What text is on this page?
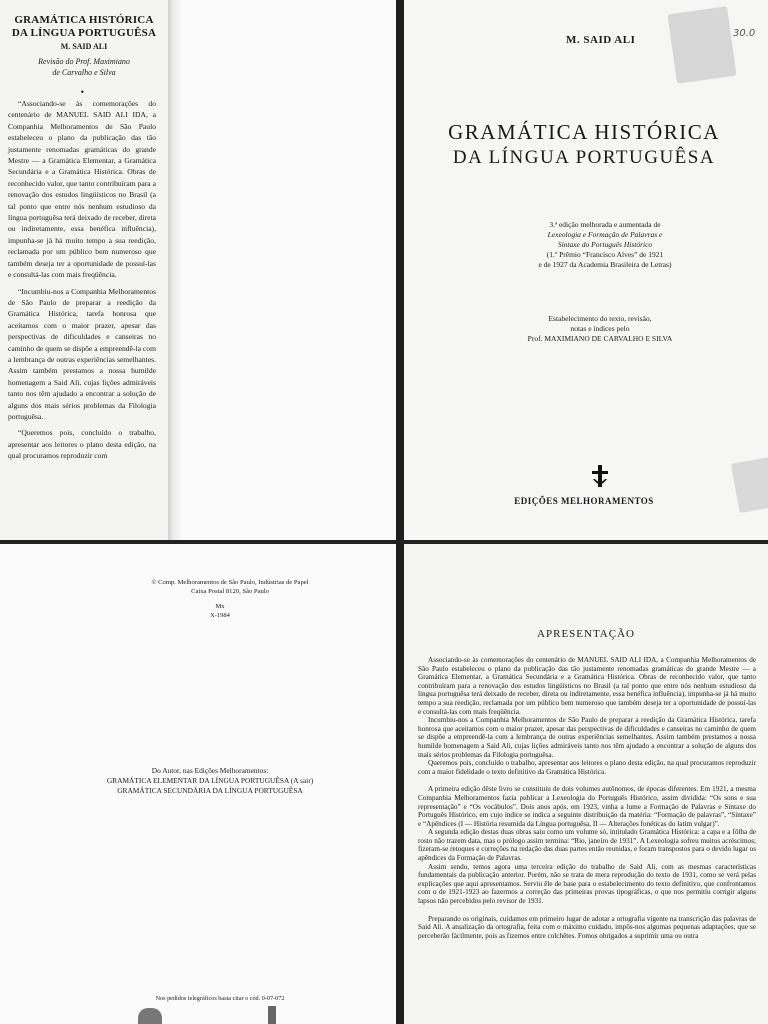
GRAMÁTICA HISTÓRICA
DA LÍNGUA PORTUGUÊSA
M. SAID ALI
Revisão do Prof. Maximiano
de Carvalho e Silva
•

“Associando-se às comemorações do centenário de MANUEL SAID ALI IDA, a Companhia Melhoramentos de São Paulo estabeleceu o plano da publicação das tão justamente renomadas gramáticas do grande Mestre — a Gramática Elementar, a Gramática Secundária e a Gramática Histórica. Obras de reconhecido valor, que tanto contribuíram para a renovação dos estudos lingüísticos no Brasil (a tal ponto que entre nós nenhum estudioso da língua portuguêsa terá deixado de receber, direta ou indiretamente, essa benéfica influência), impunha-se já há muito tempo a sua reedição, reclamada por um público bem numeroso que também deseja ter a oportunidade de possuí-las e consultá-las com mais freqüência.

“Incumbiu-nos a Companhia Melhoramentos de São Paulo de preparar a reedição da Gramática Histórica, tarefa honrosa que aceitamos com o maior prazer, apesar das perspectivas de dificuldades e canseiras no caminho de quem se dispõe a empreendê-la com a lembrança de outras experiências semelhantes. Assim também prestamos a nossa humilde homenagem a Said Ali, cujas lições admiráveis tanto nos têm ajudado a encontrar a solução de alguns dos mais sérios problemas da Filologia portuguêsa.

“Queremos pois, concluído o trabalho, apresentar aos leitores o plano desta edição, na qual procuramos reproduzir com

30.0
M. SAID ALI
GRAMÁTICA HISTÓRICA
DA LÍNGUA PORTUGUÊSA
3.ª edição melhorada e aumentada de
Lexeologia e Formação de Palavras e
Sintaxe do Português Histórico
(1.º Prêmio “Francisco Alves” de 1921
e de 1927 da Academia Brasileira de Letras)
Estabelecimento do texto, revisão,
notas e índices pelo
Prof. MAXIMIANO DE CARVALHO E SILVA
EDIÇÕES MELHORAMENTOS
© Comp. Melhoramentos de São Paulo, Indústrias de Papel
Caixa Postal 8120, São Paulo
Mx
X-1984
Do Autor, nas Edições Melhoramentos:
GRAMÁTICA ELEMENTAR DA LÍNGUA PORTUGUÊSA (A sair)
GRAMÁTICA SECUNDÁRIA DA LÍNGUA PORTUGUÊSA
Nos pedidos telegráficos basta citar o cód. 0-07-072
APRESENTAÇÃO

Associando-se às comemorações do centenário de MANUEL SAID ALI IDA, a Companhia Melhoramentos de São Paulo estabeleceu o plano da publicação das tão justamente renomadas gramáticas do grande Mestre — a Gramática Elementar, a Gramática Secundária e a Gramática Histórica. Obras de reconhecido valor, que tanto contribuíram para a renovação dos estudos lingüísticos no Brasil (a tal ponto que entre nós nenhum estudioso da língua portuguêsa terá deixado de receber, direta ou indiretamente, essa benéfica influência), impunha-se já há muito tempo a sua reedição, reclamada por um público bem numeroso que também deseja ter a oportunidade de possuí-las e consultá-las com mais freqüência.

Incumbiu-nos a Companhia Melhoramentos de São Paulo de preparar a reedição da Gramática Histórica, tarefa honrosa que aceitamos com o maior prazer, apesar das perspectivas de dificuldades e canseiras no caminho de quem se dispõe a empreendê-la com a lembrança de outras experiências semelhantes. Assim também prestamos a nossa humilde homenagem a Said Ali, cujas lições admiráveis tanto nos têm ajudado a encontrar a solução de alguns dos mais sérios problemas da Filologia portuguêsa.

Queremos pois, concluído o trabalho, apresentar aos leitores o plano desta edição, na qual procuramos reproduzir com a maior fidelidade o texto definitivo da Gramática Histórica.

A primeira edição dêste livro se constituiu de dois volumes autônomos, de épocas diferentes. Em 1921, a mesma Companhia Melhoramentos fazia publicar a Lexeologia do Português Histórico, assim dividida: “Os sons e sua representação” e “Os vocábulos”. Dois anos após, em 1923, vinha a lume a Formação de Palavras e Sintaxe do Português Histórico, em cujo índice se indica a seguinte distribuição da matéria: “Formação de palavras”, “Sintaxe” e “Apêndices (I — História resumida da Língua portuguêsa, II — Alterações fonéticas do latim vulgar)”.

A segunda edição destas duas obras saiu como um volume só, intitulado Gramática Histórica: a capa e a fôlha de rosto não trazem data, mas o prólogo assim termina: “Rio, janeiro de 1931”. A Lexeologia sofreu muitos acréscimos; fizeram-se retoques e correções na redação das duas partes então reunidas, e foram transpostos para o devido lugar os apêndices da Formação de Palavras.

Assim sendo, temos agora uma terceira edição do trabalho de Said Ali, com as mesmas características fundamentais da publicação anterior. Porém, não se trata de mera reprodução do texto de 1931, como se verá pelas explicações que aqui apresentamos. Serviu êle de base para o estabelecimento do texto definitivo, que confrontamos com o de 1921-1923 ao fazermos a correção das primeiras provas tipográficas, o que nos permitiu corrigir alguns lapsos não percebidos pelo revisor de 1931.

Preparando os originais, cuidamos em primeiro lugar de adotar a ortografia vigente na transcrição das palavras de Said Ali. A atualização da ortografia, feita com o máximo cuidado, impôs-nos algumas pequenas adaptações, que se perceberão fàcilmente, pois as fizemos entre colchêtes. Fomos obrigados a suprimir uma ou outra
